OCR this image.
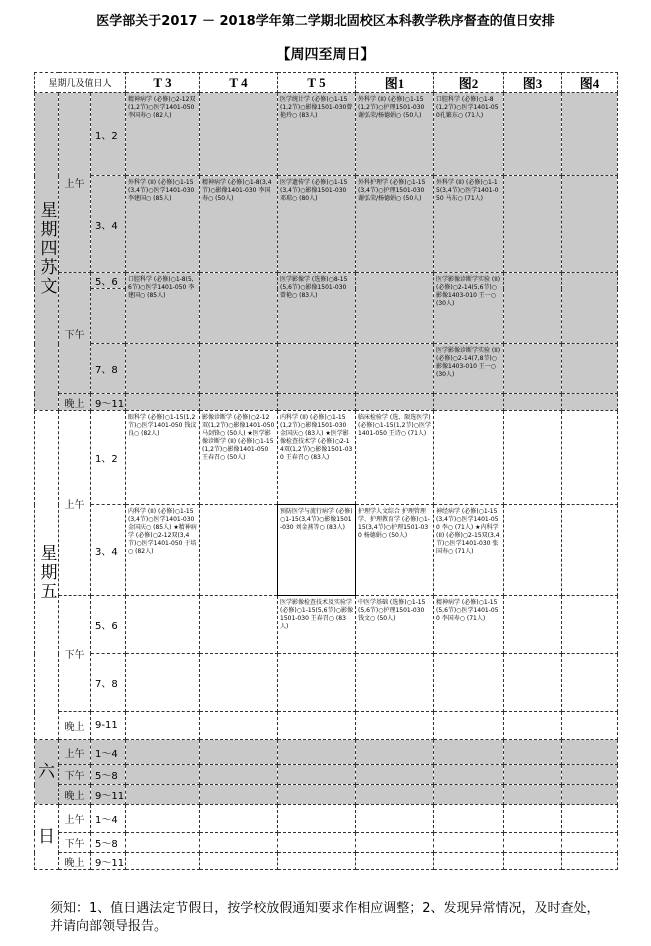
医学部关于2017 － 2018学年第二学期北固校区本科教学秩序督查的值日安排
【周四至周日】
星期几及值日人			T 3	T 4	T 5	图1	图2	图3	图4
星期四苏文	上午	1、2	精神病学 (必修)○2-12双(1,2节)○医学1401-050李国寿○ (82人)		医学统计学 (必修)○1-15(1,2节)○影像1501-030曾艳玲○ (83人)	外科学 (II) (必修)○1-15(1,2节)○护理1501-030 谢弘荣/杨德娟○ (50人)	口腔科学 (必修)○1-8(1,2节)○医学1401-050孔繁东○ (71人)		
		3、4	外科学 (II) (必修)○1-15(3,4节)○医学1401-030 李建国○ (85人)	精神病学 (必修)○1-8(3,4节)○影像1401-030 李国寿○ (50人)	医学遗传学 (必修)○1-15(3,4节)○影像1501-030 邓琼○ (80人)	外科护理学 (必修)○1-15(3,4节)○护理1501-030 谢弘荣/杨德娟○ (50人)	外科学 (II) (必修)○1-15(3,4节)○医学1401-050 马东○ (71人)		
	下午	5、6	口腔科学 (必修)○1-8(5,6节)○医学1401-050 李建国○ (85人)		医学影像学 (选修)○8-15(5,6节)○影像1501-030 曾艳○ (83人)		医学影像诊断学实验 (II) (必修)○2-14(5,6节)○影像1403-010 王一○ (30人)		

		7、8					医学影像诊断学实验 (II) (必修)○2-14(7,8节)○影像1403-010 王一○ (30人)		
	晚上	9～11							
星期五	上午	1、2	眼科学 (必修)○1-15(1,2节)○医学1401-050 钱汶良○ (82人)	影像诊断学 (必修)○2-12双(1,2节)○影像1401-050 马剑锋○ (50人) ★医学影像诊断学 (II) (必修)○1-15(1,2节)○影像1401-050 王春召○ (50人)	内科学 (II) (必修)○1-15(1,2节)○影像1501-030 金国庆○ (83人) ★医学影像检查技术学 (必修)○2-14双(1,2节)○影像1501-030 王春召○ (83人)	临床检验学 (选、限选医学) (必修)○1-15(1,2节)○医学1401-050 王诗○ (71人)			
		3、4	内科学 (II) (必修)○1-15(3,4节)○医学1401-030 金国庆○ (85人) ★精神病学 (必修)○2-12双(3,4节)○医学1401-050 于培○ (82人)		预防医学与流行病学 (必修)○1-15(3,4节)○影像1501-030 刘金燕等○ (83人)	护理学人文综合 护理管理学、护理教育学 (必修)○1-15(3,4节)○护理1501-030 杨德娟○ (50人)	神经病学 (必修)○1-15(3,4节)○医学1401-050 李○ (71人) ★内科学 (II) (必修)○2-15双(3,4节)○医学1401-030 张国寿○ (71人)		
	下午	5、6			医学影像检查技术及实验学 (必修)○1-15(5,6节)○影像1501-030 王春召○ (83人)	中医学基础 (选修)○1-15(5,6节)○护理1501-030 钱文○ (50人)	精神病学 (必修)○1-15(5,6节)○医学1401-050 李国寿○ (71人)		
		7、8							
	晚上	9-11							
六	上午	1～4							
	下午	5～8							
	晚上	9～11							
日	上午	1～4							
	下午	5～8							
	晚上	9～11							
须知：1、值日遇法定节假日，按学校放假通知要求作相应调整；2、发现异常情况，及时查处，并请向部领导报告。
